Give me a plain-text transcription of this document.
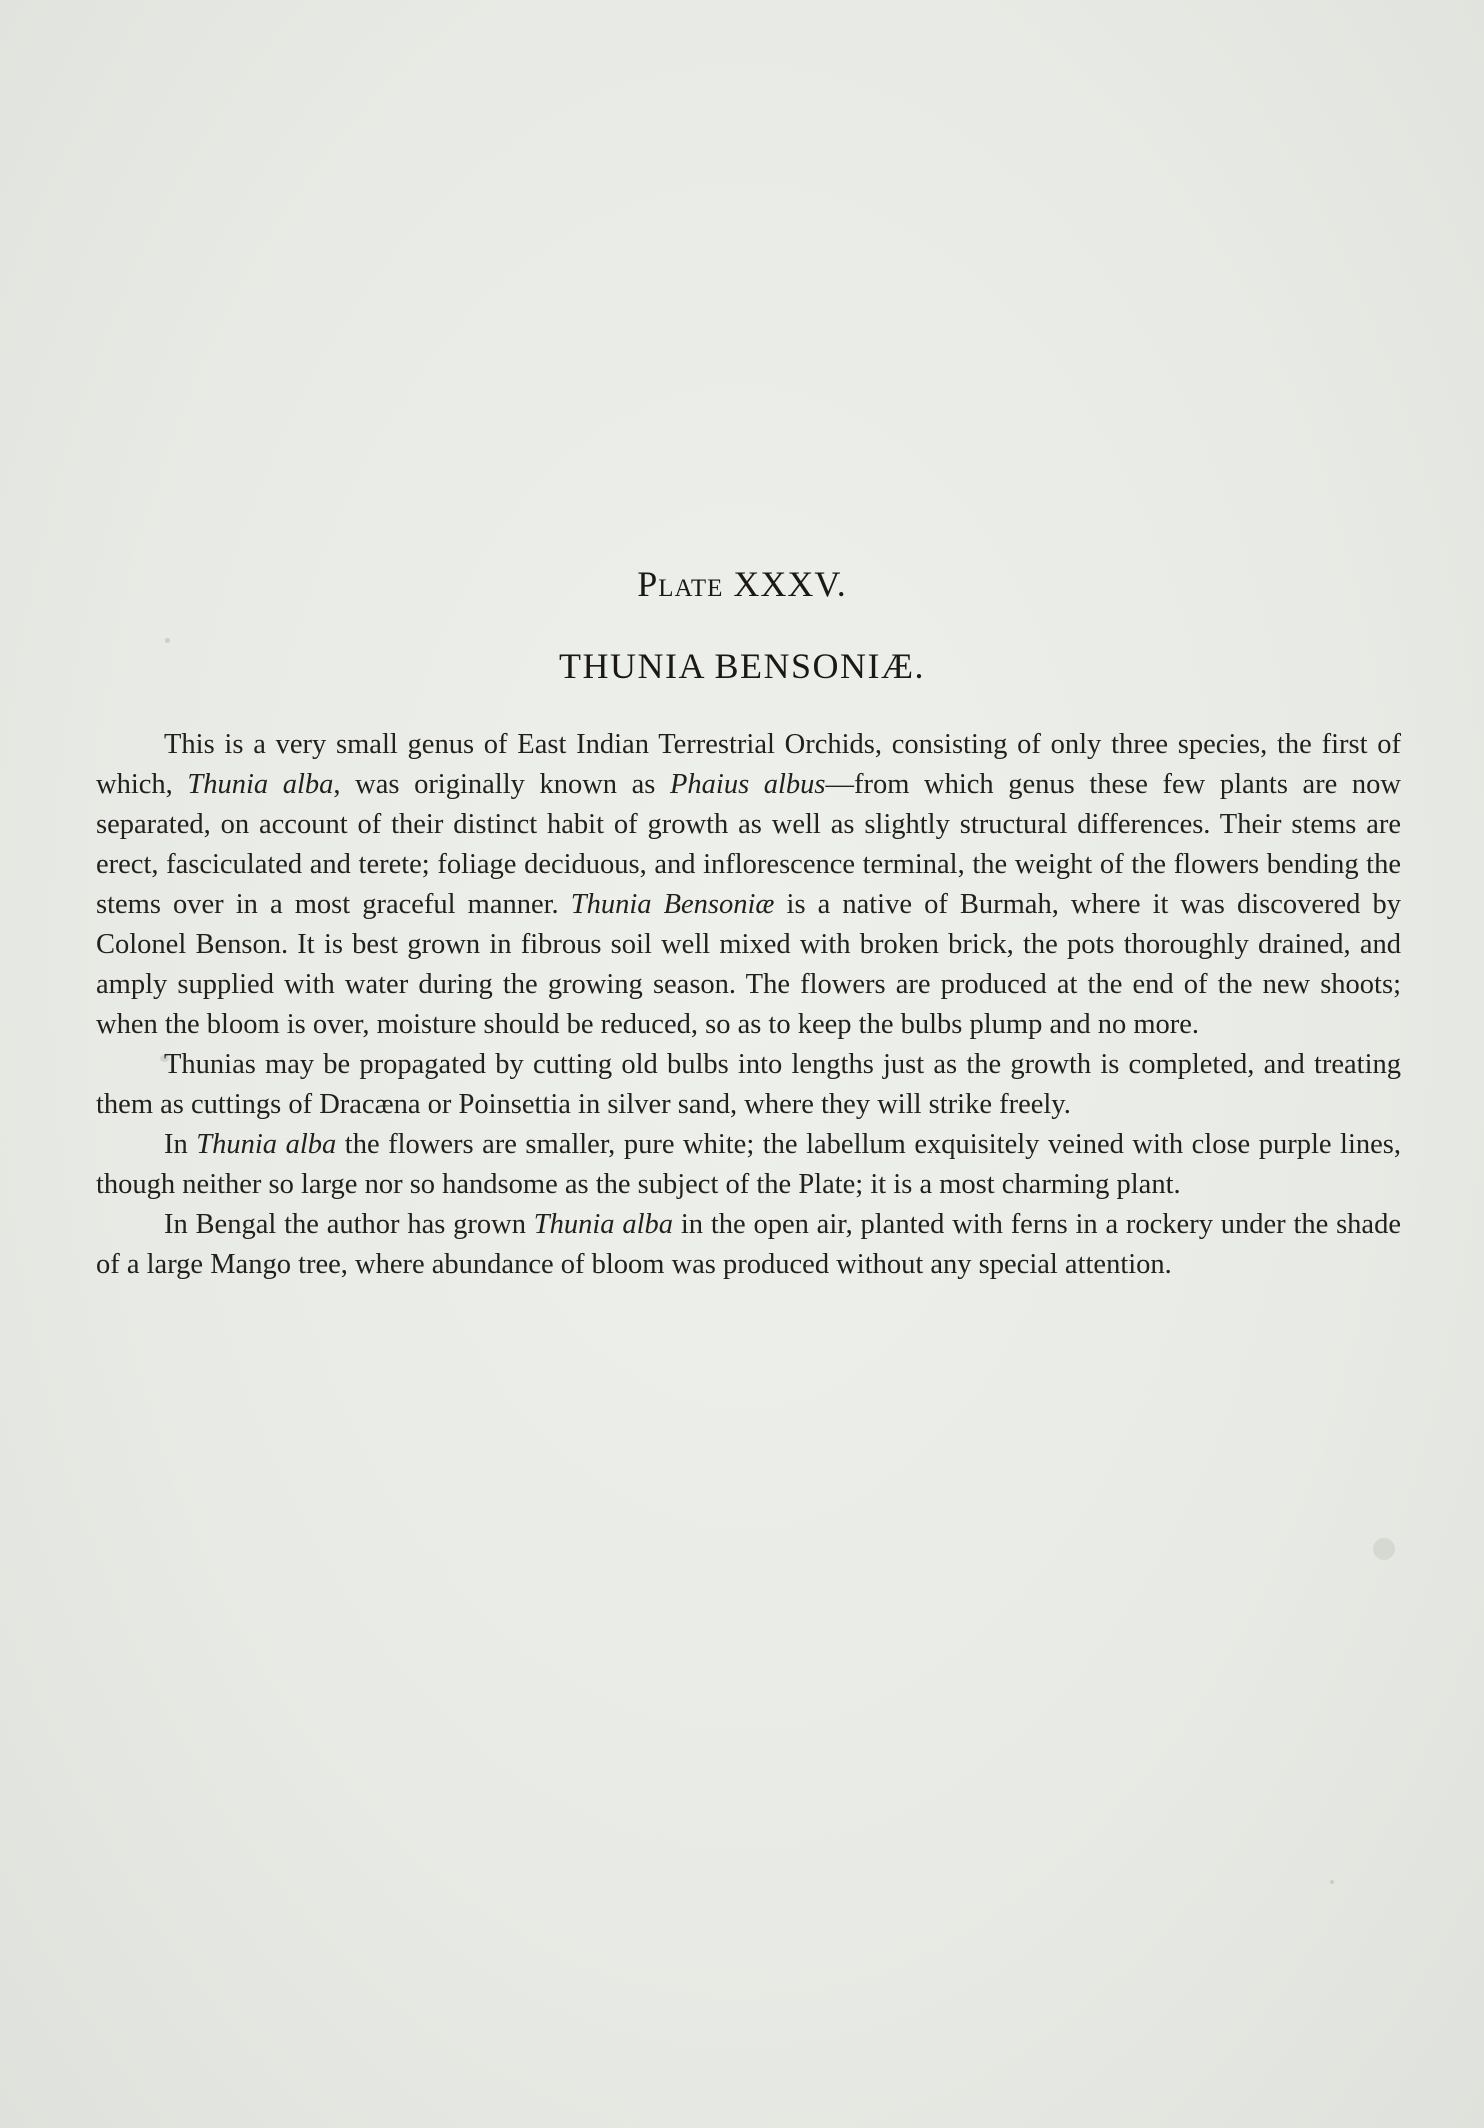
Plate XXXV.
THUNIA BENSONIÆ.

This is a very small genus of East Indian Terrestrial Orchids, consisting of only three species, the first of which, Thunia alba, was originally known as Phaius albus—from which genus these few plants are now separated, on account of their distinct habit of growth as well as slightly structural differences. Their stems are erect, fasciculated and terete; foliage deciduous, and inflorescence terminal, the weight of the flowers bending the stems over in a most graceful manner. Thunia Bensoniæ is a native of Burmah, where it was discovered by Colonel Benson. It is best grown in fibrous soil well mixed with broken brick, the pots thoroughly drained, and amply supplied with water during the growing season. The flowers are produced at the end of the new shoots; when the bloom is over, moisture should be reduced, so as to keep the bulbs plump and no more.

Thunias may be propagated by cutting old bulbs into lengths just as the growth is completed, and treating them as cuttings of Dracæna or Poinsettia in silver sand, where they will strike freely.

In Thunia alba the flowers are smaller, pure white; the labellum exquisitely veined with close purple lines, though neither so large nor so handsome as the subject of the Plate; it is a most charming plant.

In Bengal the author has grown Thunia alba in the open air, planted with ferns in a rockery under the shade of a large Mango tree, where abundance of bloom was produced without any special attention.
